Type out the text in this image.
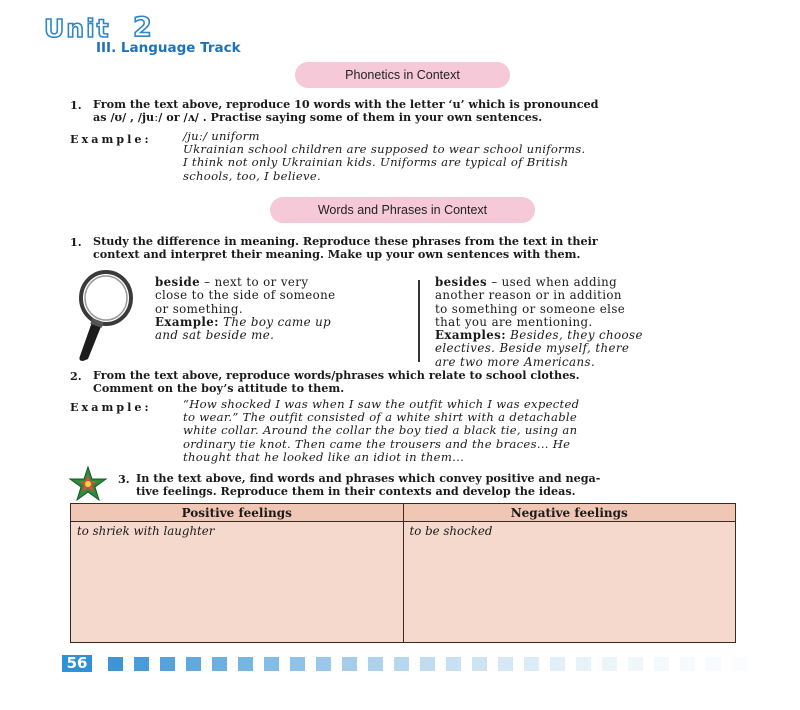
Unit 2
III. Language Track
Phonetics in Context
1. From the text above, reproduce 10 words with the letter ‘u’ which is pronounced
as /ʊ/ , /juː/ or /ʌ/ . Practise saying some of them in your own sentences.
Example:	/juː/ uniform
Ukrainian school children are supposed to wear school uniforms.
I think not only Ukrainian kids. Uniforms are typical of British
schools, too, I believe.
Words and Phrases in Context
1. Study the difference in meaning. Reproduce these phrases from the text in their
context and interpret their meaning. Make up your own sentences with them.
beside – next to or very
close to the side of someone
or something.
Example: The boy came up
and sat beside me.
besides – used when adding
another reason or in addition
to something or someone else
that you are mentioning.
Examples: Besides, they choose
electives. Beside myself, there
are two more Americans.
2. From the text above, reproduce words/phrases which relate to school clothes.
Comment on the boy’s attitude to them.
Example:	“How shocked I was when I saw the outfit which I was expected
to wear.” The outfit consisted of a white shirt with a detachable
white collar. Around the collar the boy tied a black tie, using an
ordinary tie knot. Then came the trousers and the braces... He
thought that he looked like an idiot in them...
3. In the text above, find words and phrases which convey positive and nega-
tive feelings. Reproduce them in their contexts and develop the ideas.
Positive feelings	Negative feelings
to shriek with laughter	to be shocked
56
